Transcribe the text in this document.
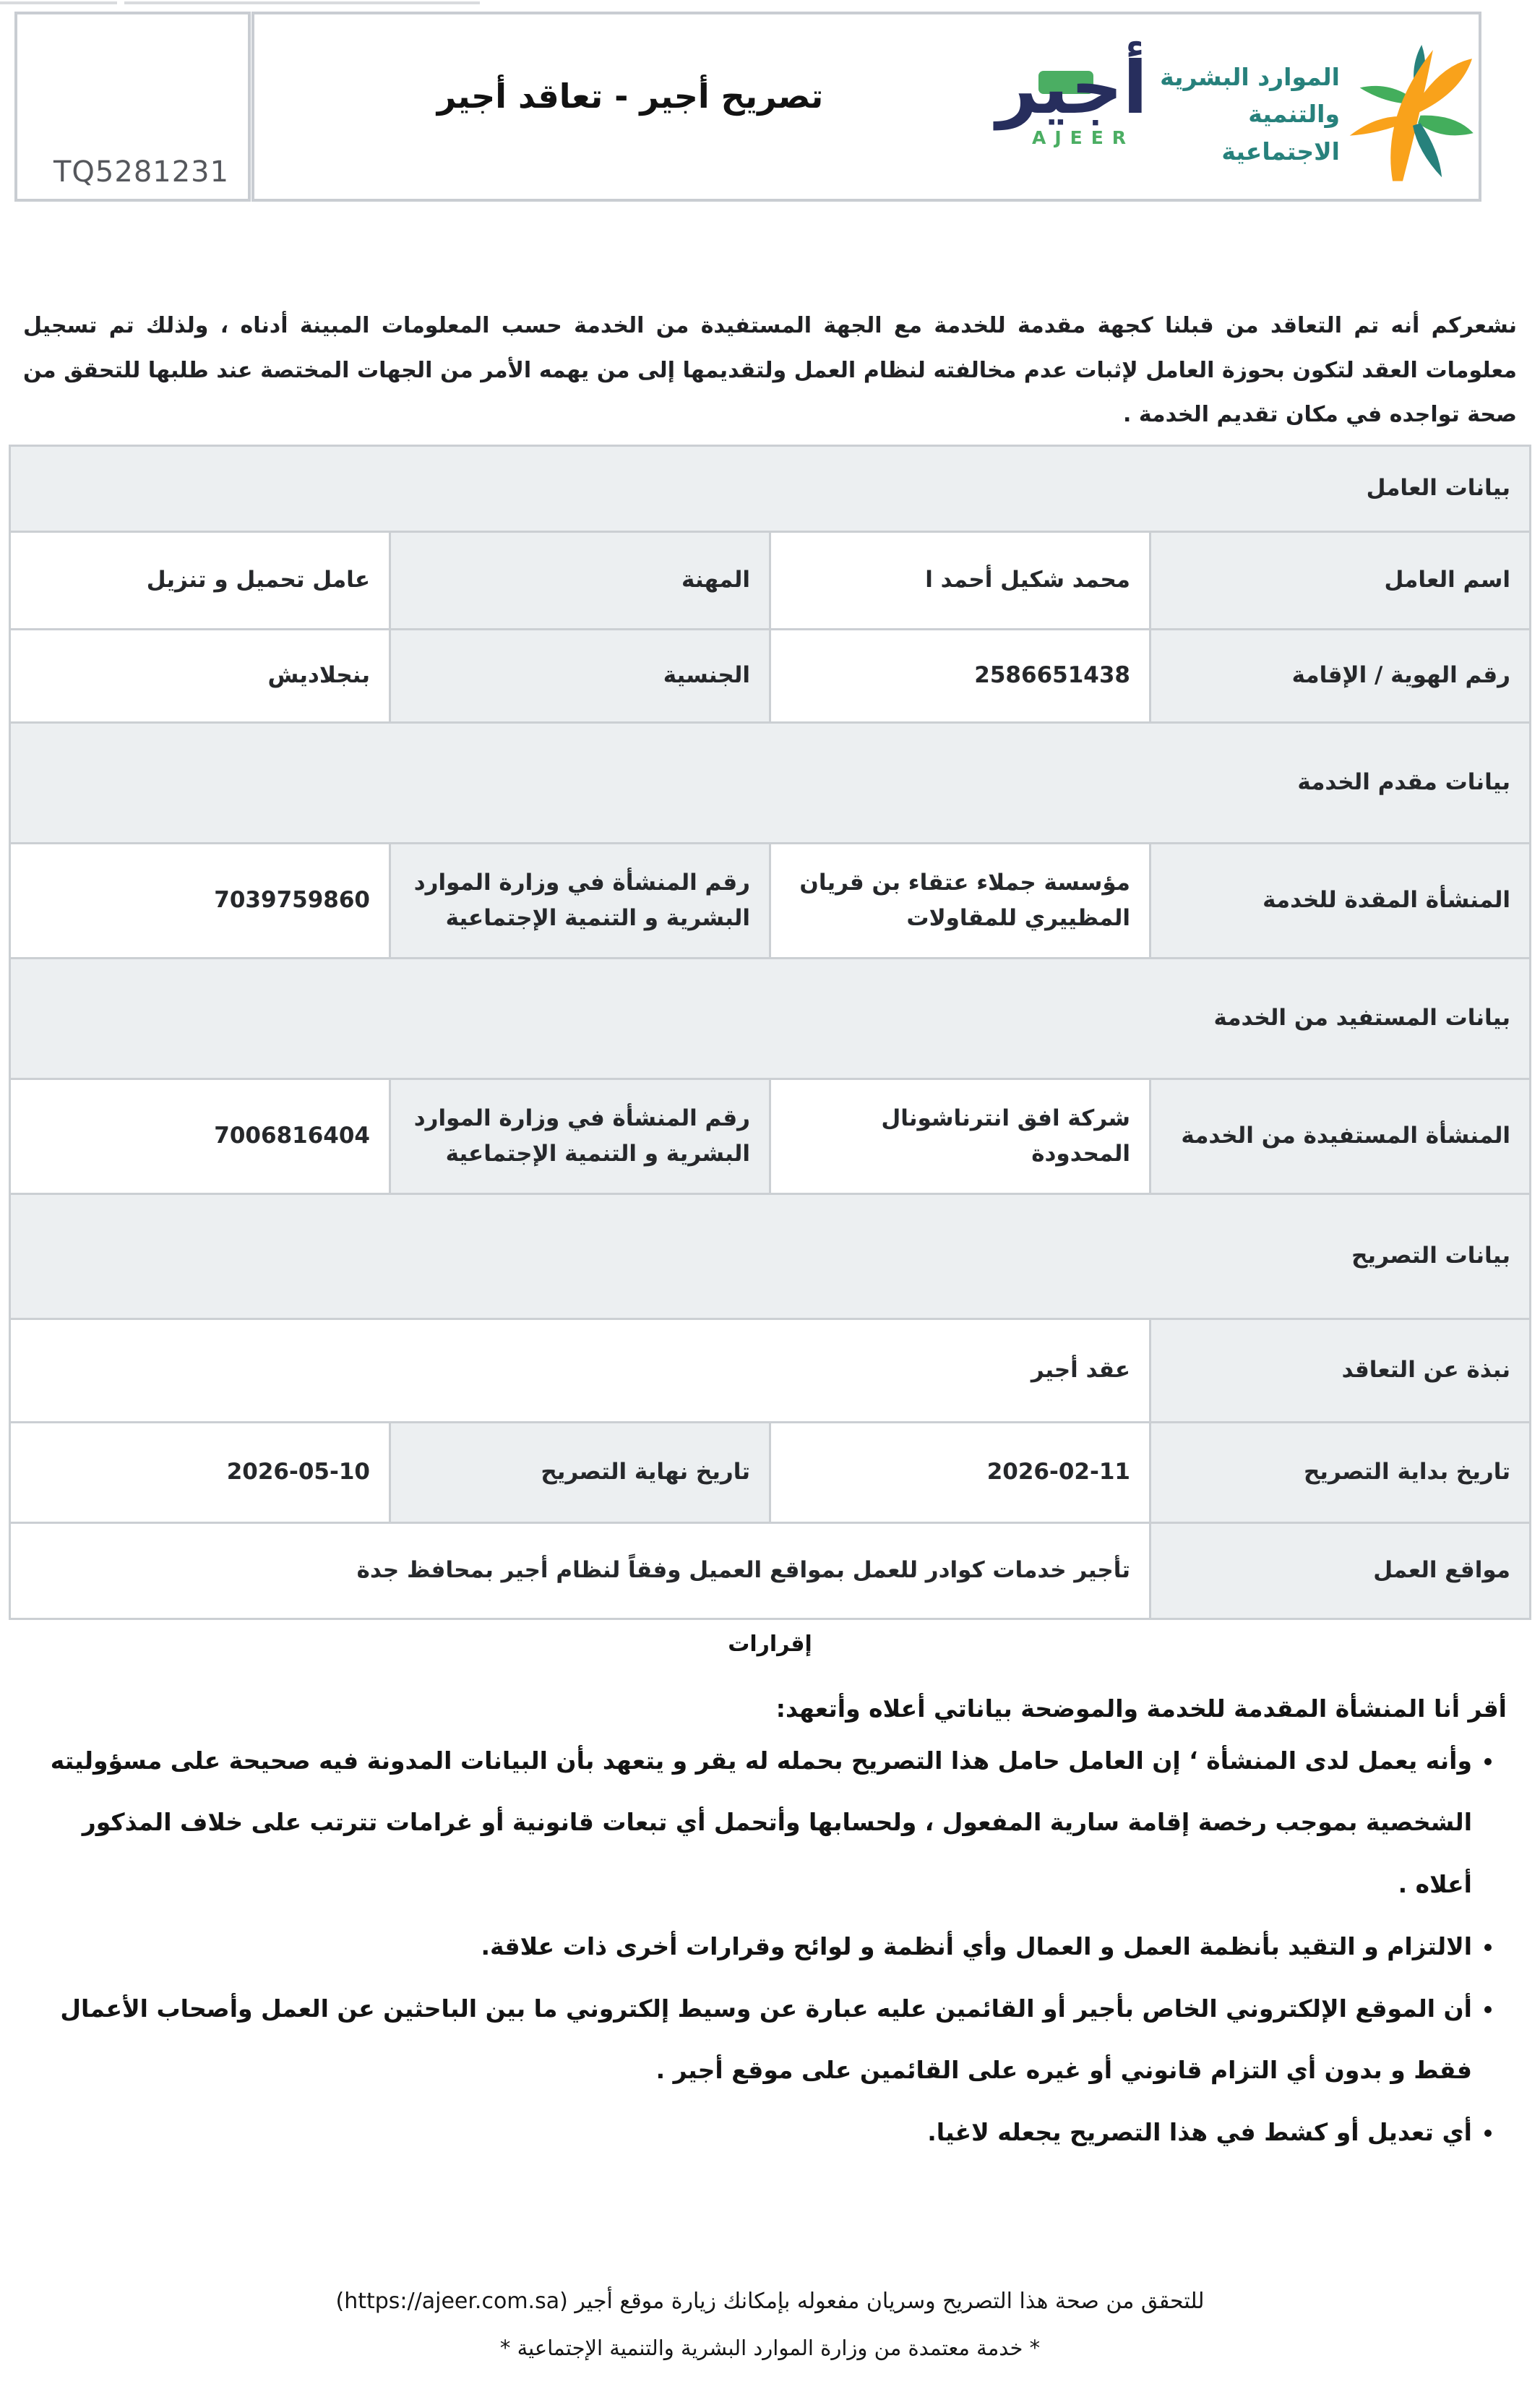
TQ5281231
تصريح أجير - تعاقد أجير	أجير
AJEER
الموارد البشرية
والتنمية الاجتماعية

نشعركم أنه تم التعاقد من قبلنا كجهة مقدمة للخدمة مع الجهة المستفيدة من الخدمة حسب المعلومات المبينة أدناه ، ولذلك تم تسجيل معلومات العقد لتكون بحوزة العامل لإثبات عدم مخالفته لنظام العمل ولتقديمها إلى من يهمه الأمر من الجهات المختصة عند طلبها للتحقق من صحة تواجده في مكان تقديم الخدمة .

بيانات العامل			
اسم العامل	محمد شكيل أحمد ا	المهنة	عامل تحميل و تنزيل
رقم الهوية / الإقامة	2586651438	الجنسية	بنجلاديش
بيانات مقدم الخدمة			
المنشأة المقدة للخدمة	مؤسسة جملاء عتقاء بن قريان المظييري للمقاولات	رقم المنشأة في وزارة الموارد البشرية و التنمية الإجتماعية	7039759860
بيانات المستفيد من الخدمة			
المنشأة المستفيدة من الخدمة	شركة افق انترناشونال المحدودة	رقم المنشأة في وزارة الموارد البشرية و التنمية الإجتماعية	7006816404
بيانات التصريح			
نبذة عن التعاقد	عقد أجير		
تاريخ بداية التصريح	2026-02-11	تاريخ نهاية التصريح	2026-05-10
مواقع العمل	تأجير خدمات كوادر للعمل بمواقع العميل وفقاً لنظام أجير بمحافظ جدة		
إقرارات
أقر أنا المنشأة المقدمة للخدمة والموضحة بياناتي أعلاه وأتعهد:
• وأنه يعمل لدى المنشأة ‘ إن العامل حامل هذا التصريح بحمله له يقر و يتعهد بأن البيانات المدونة فيه صحيحة على مسؤوليته الشخصية بموجب رخصة إقامة سارية المفعول ، ولحسابها وأتحمل أي تبعات قانونية أو غرامات تترتب على خلاف المذكور أعلاه .
• الالتزام و التقيد بأنظمة العمل و العمال وأي أنظمة و لوائح وقرارات أخرى ذات علاقة.
• أن الموقع الإلكتروني الخاص بأجير أو القائمين عليه عبارة عن وسيط إلكتروني ما بين الباحثين عن العمل وأصحاب الأعمال فقط و بدون أي التزام قانوني أو غيره على القائمين على موقع أجير .
• أي تعديل أو كشط في هذا التصريح يجعله لاغيا.
للتحقق من صحة هذا التصريح وسريان مفعوله بإمكانك زيارة موقع أجير (https://ajeer.com.sa)
* خدمة معتمدة من وزارة الموارد البشرية والتنمية الإجتماعية *
